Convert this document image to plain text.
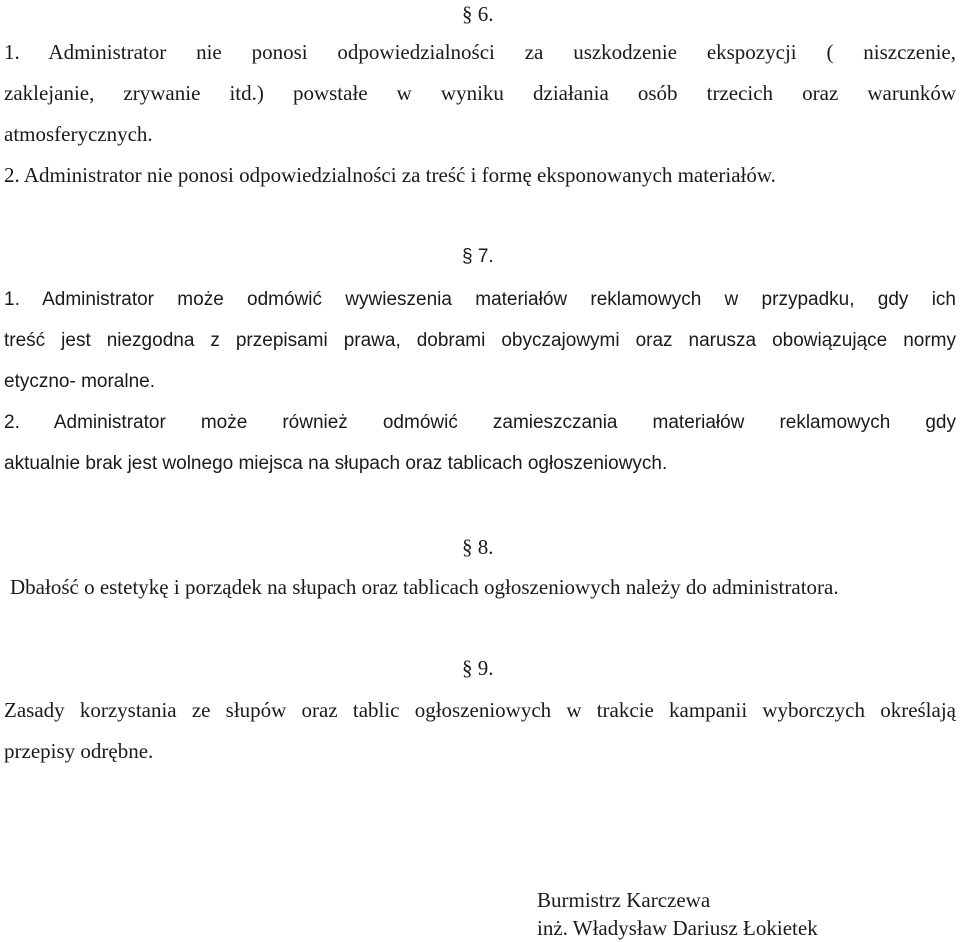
§ 6.
1. Administrator nie ponosi odpowiedzialności za uszkodzenie ekspozycji ( niszczenie,
zaklejanie, zrywanie itd.) powstałe w wyniku działania osób trzecich oraz warunków
atmosferycznych.
2. Administrator nie ponosi odpowiedzialności za treść i formę eksponowanych materiałów.
§ 7.
1. Administrator może odmówić wywieszenia materiałów reklamowych w przypadku, gdy ich
treść jest niezgodna z przepisami prawa, dobrami obyczajowymi oraz narusza obowiązujące normy
etyczno- moralne.
2. Administrator może również odmówić zamieszczania materiałów reklamowych gdy
aktualnie brak jest wolnego miejsca na słupach oraz tablicach ogłoszeniowych.
§ 8.
Dbałość o estetykę i porządek na słupach oraz tablicach ogłoszeniowych należy do administratora.
§ 9.
Zasady korzystania ze słupów oraz tablic ogłoszeniowych w trakcie kampanii wyborczych określają
przepisy odrębne.
Burmistrz Karczewa
inż. Władysław Dariusz Łokietek
